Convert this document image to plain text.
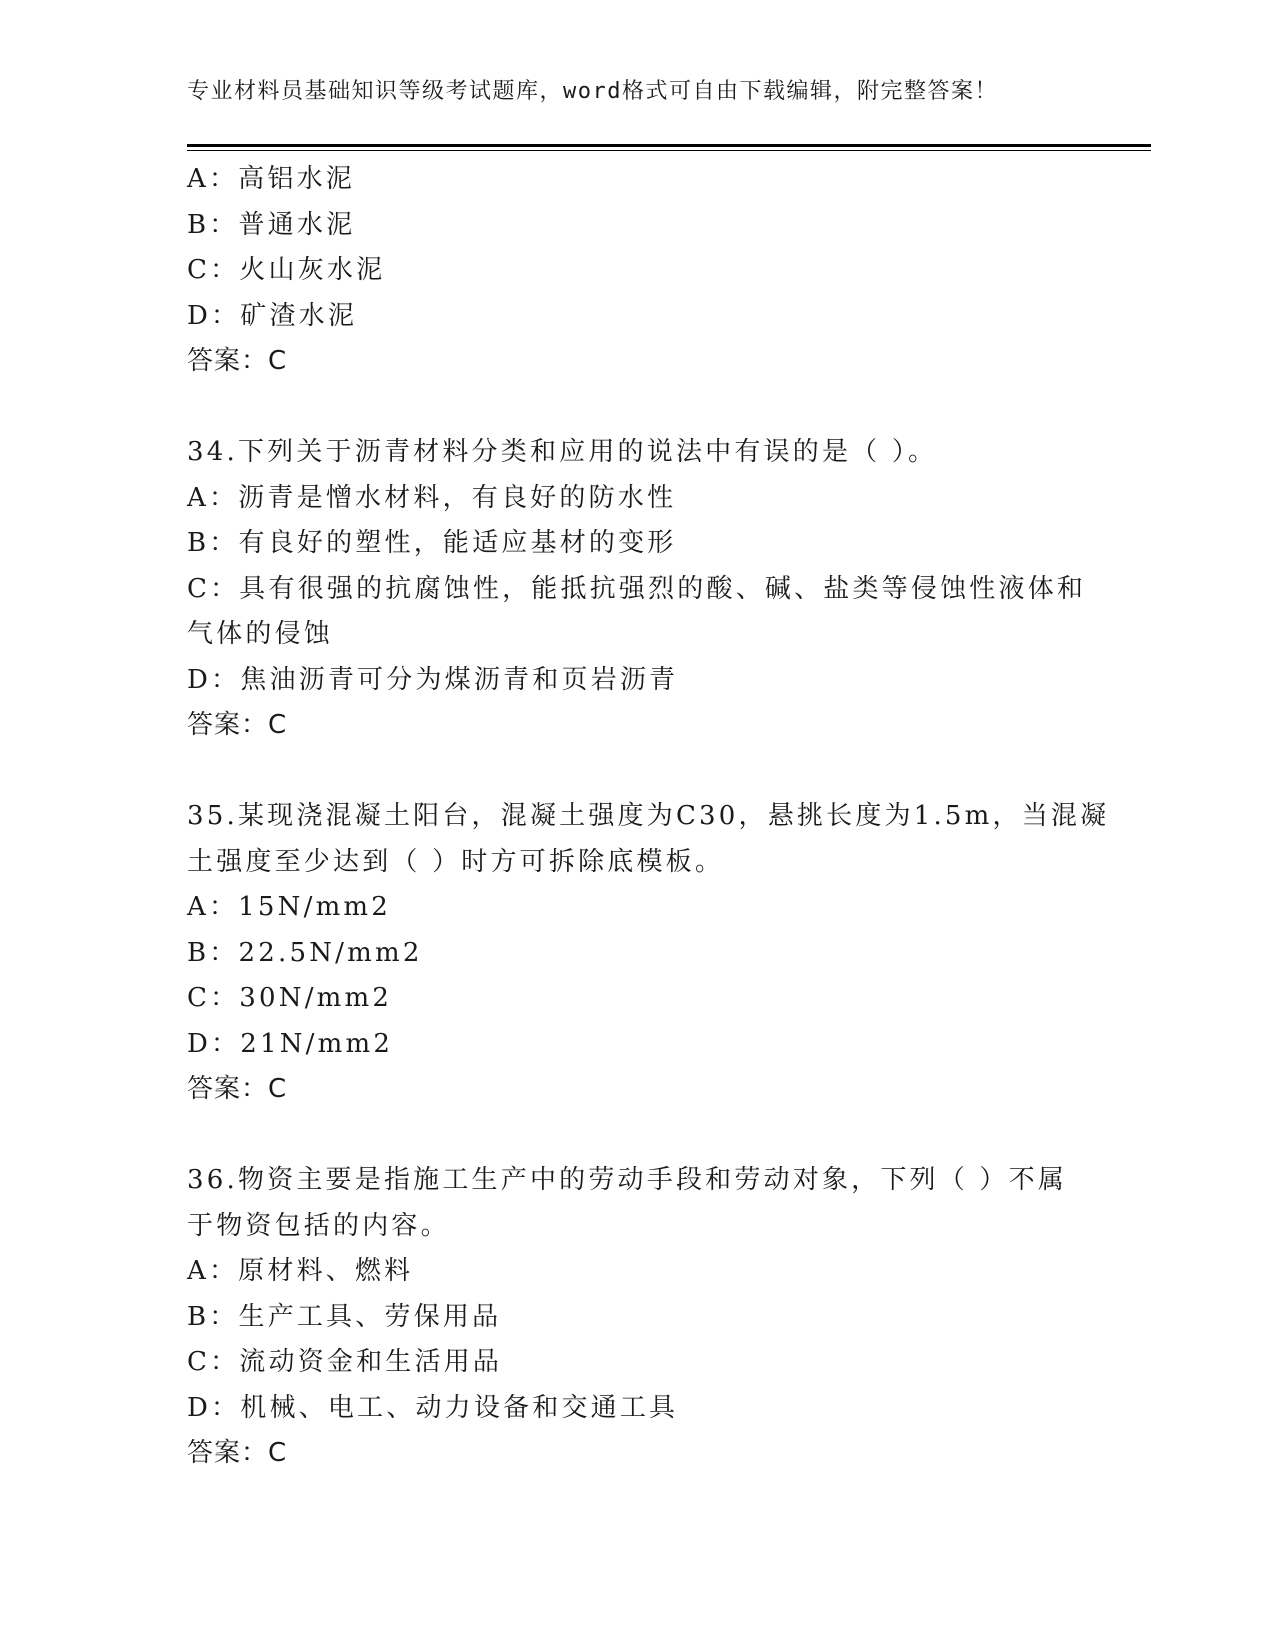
专业材料员基础知识等级考试题库，word格式可自由下载编辑，附完整答案！
A：高铝水泥
B：普通水泥
C：火山灰水泥
D：矿渣水泥
答案：C
34.下列关于沥青材料分类和应用的说法中有误的是（ ）。
A：沥青是憎水材料，有良好的防水性
B：有良好的塑性，能适应基材的变形
C：具有很强的抗腐蚀性，能抵抗强烈的酸、碱、盐类等侵蚀性液体和
气体的侵蚀
D：焦油沥青可分为煤沥青和页岩沥青
答案：C
35.某现浇混凝土阳台，混凝土强度为C30，悬挑长度为1.5m，当混凝
土强度至少达到（ ）时方可拆除底模板。
A：15N/mm2
B：22.5N/mm2
C：30N/mm2
D：21N/mm2
答案：C
36.物资主要是指施工生产中的劳动手段和劳动对象，下列（ ）不属
于物资包括的内容。
A：原材料、燃料
B：生产工具、劳保用品
C：流动资金和生活用品
D：机械、电工、动力设备和交通工具
答案：C
